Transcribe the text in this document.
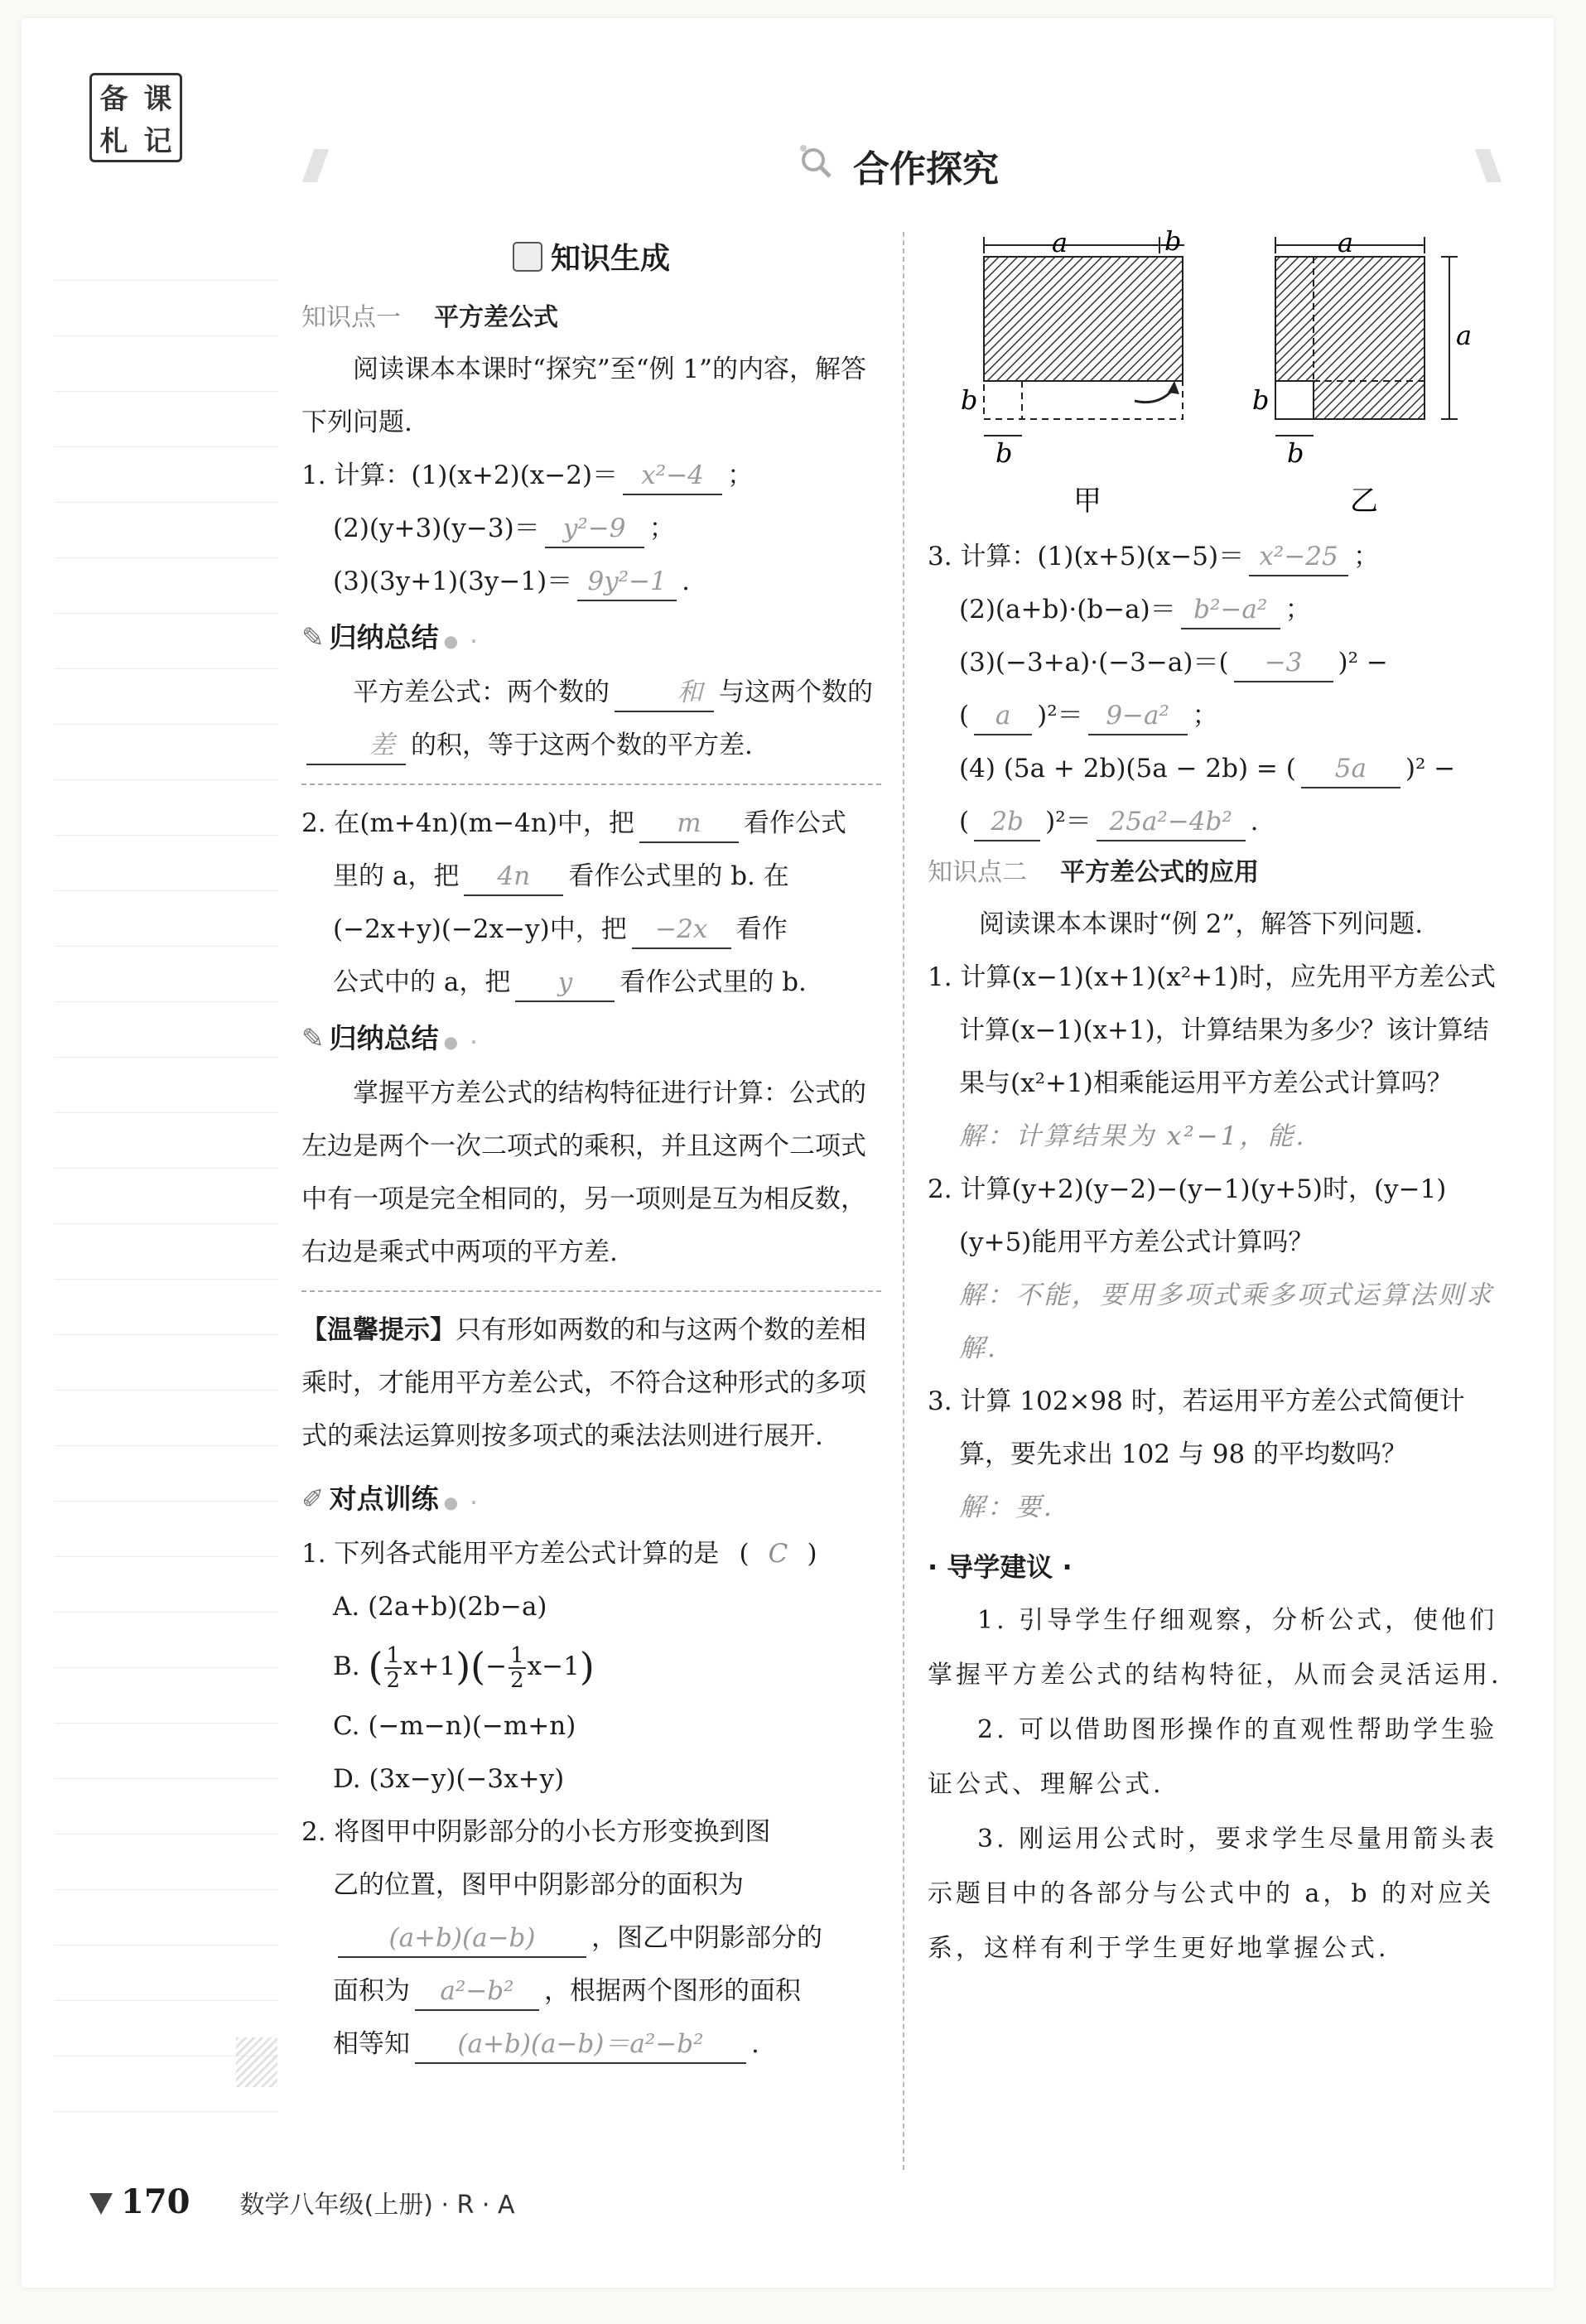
备 课
札 记
合作探究
知识生成
知识点一 平方差公式
阅读课本本课时“探究”至“例 1”的内容，解答下列问题.
1. 计算：(1)(x+2)(x−2)＝ x²−4 ；
(2)(y+3)(y−3)＝ y²−9 ；
(3)(3y+1)(3y−1)＝ 9y²−1 .
✎ 归纳总结 ● ·
平方差公式：两个数的	和 与这两个数的差 的积，等于这两个数的平方差.
2. 在(m+4n)(m−4n)中，把 m 看作公式
里的 a，把 4n 看作公式里的 b. 在
(−2x+y)(−2x−y)中，把 −2x 看作
公式中的 a，把 y 看作公式里的 b.
✎ 归纳总结 ● ·
掌握平方差公式的结构特征进行计算：公式的左边是两个一次二项式的乘积，并且这两个二项式中有一项是完全相同的，另一项则是互为相反数，右边是乘式中两项的平方差.
【温馨提示】只有形如两数的和与这两个数的差相乘时，才能用平方差公式，不符合这种形式的多项式的乘法运算则按多项式的乘法法则进行展开.
✐ 对点训练 ● ·
1. 下列各式能用平方差公式计算的是 ( C )
A. (2a+b)(2b−a)
B. ( $\frac{1}{2} x+1)(- \frac{1}{2} x-1)$
C. (−m−n)(−m+n)
D. (3x−y)(−3x+y)
2. 将图甲中阴影部分的小长方形变换到图
乙的位置，图甲中阴影部分的面积为
(a+b)(a−b) ，图乙中阴影部分的
面积为 a²−b² ，根据两个图形的面积
相等知 (a+b)(a−b)＝a²−b² .
a	b
b
b
甲
a
a
b
b
乙
3. 计算：(1)(x+5)(x−5)＝ x²−25 ；
(2)(a+b)·(b−a)＝ b²−a² ；
(3)(−3+a)·(−3−a)＝( −3 )² −
( a )²＝ 9−a² ；
(4) (5a + 2b)(5a − 2b) = ( 5a )² −
( 2b )²＝ 25a²−4b² .
知识点二 平方差公式的应用
阅读课本本课时“例 2”，解答下列问题.
1. 计算(x−1)(x+1)(x²+1)时，应先用平方差公式计算(x−1)(x+1)，计算结果为多少？该计算结果与(x²+1)相乘能运用平方差公式计算吗？
解：计算结果为 x²−1，能.
2. 计算(y+2)(y−2)−(y−1)(y+5)时，(y−1)(y+5)能用平方差公式计算吗？
解：不能，要用多项式乘多项式运算法则求解.
3. 计算 102×98 时，若运用平方差公式简便计算，要先求出 102 与 98 的平均数吗？
解：要.
· 导学建议 ·

1. 引导学生仔细观察，分析公式，使他们掌握平方差公式的结构特征，从而会灵活运用.

2. 可以借助图形操作的直观性帮助学生验证公式、理解公式.

3. 刚运用公式时，要求学生尽量用箭头表示题目中的各部分与公式中的 a，b 的对应关系，这样有利于学生更好地掌握公式.

170 数学八年级(上册) · R · A
